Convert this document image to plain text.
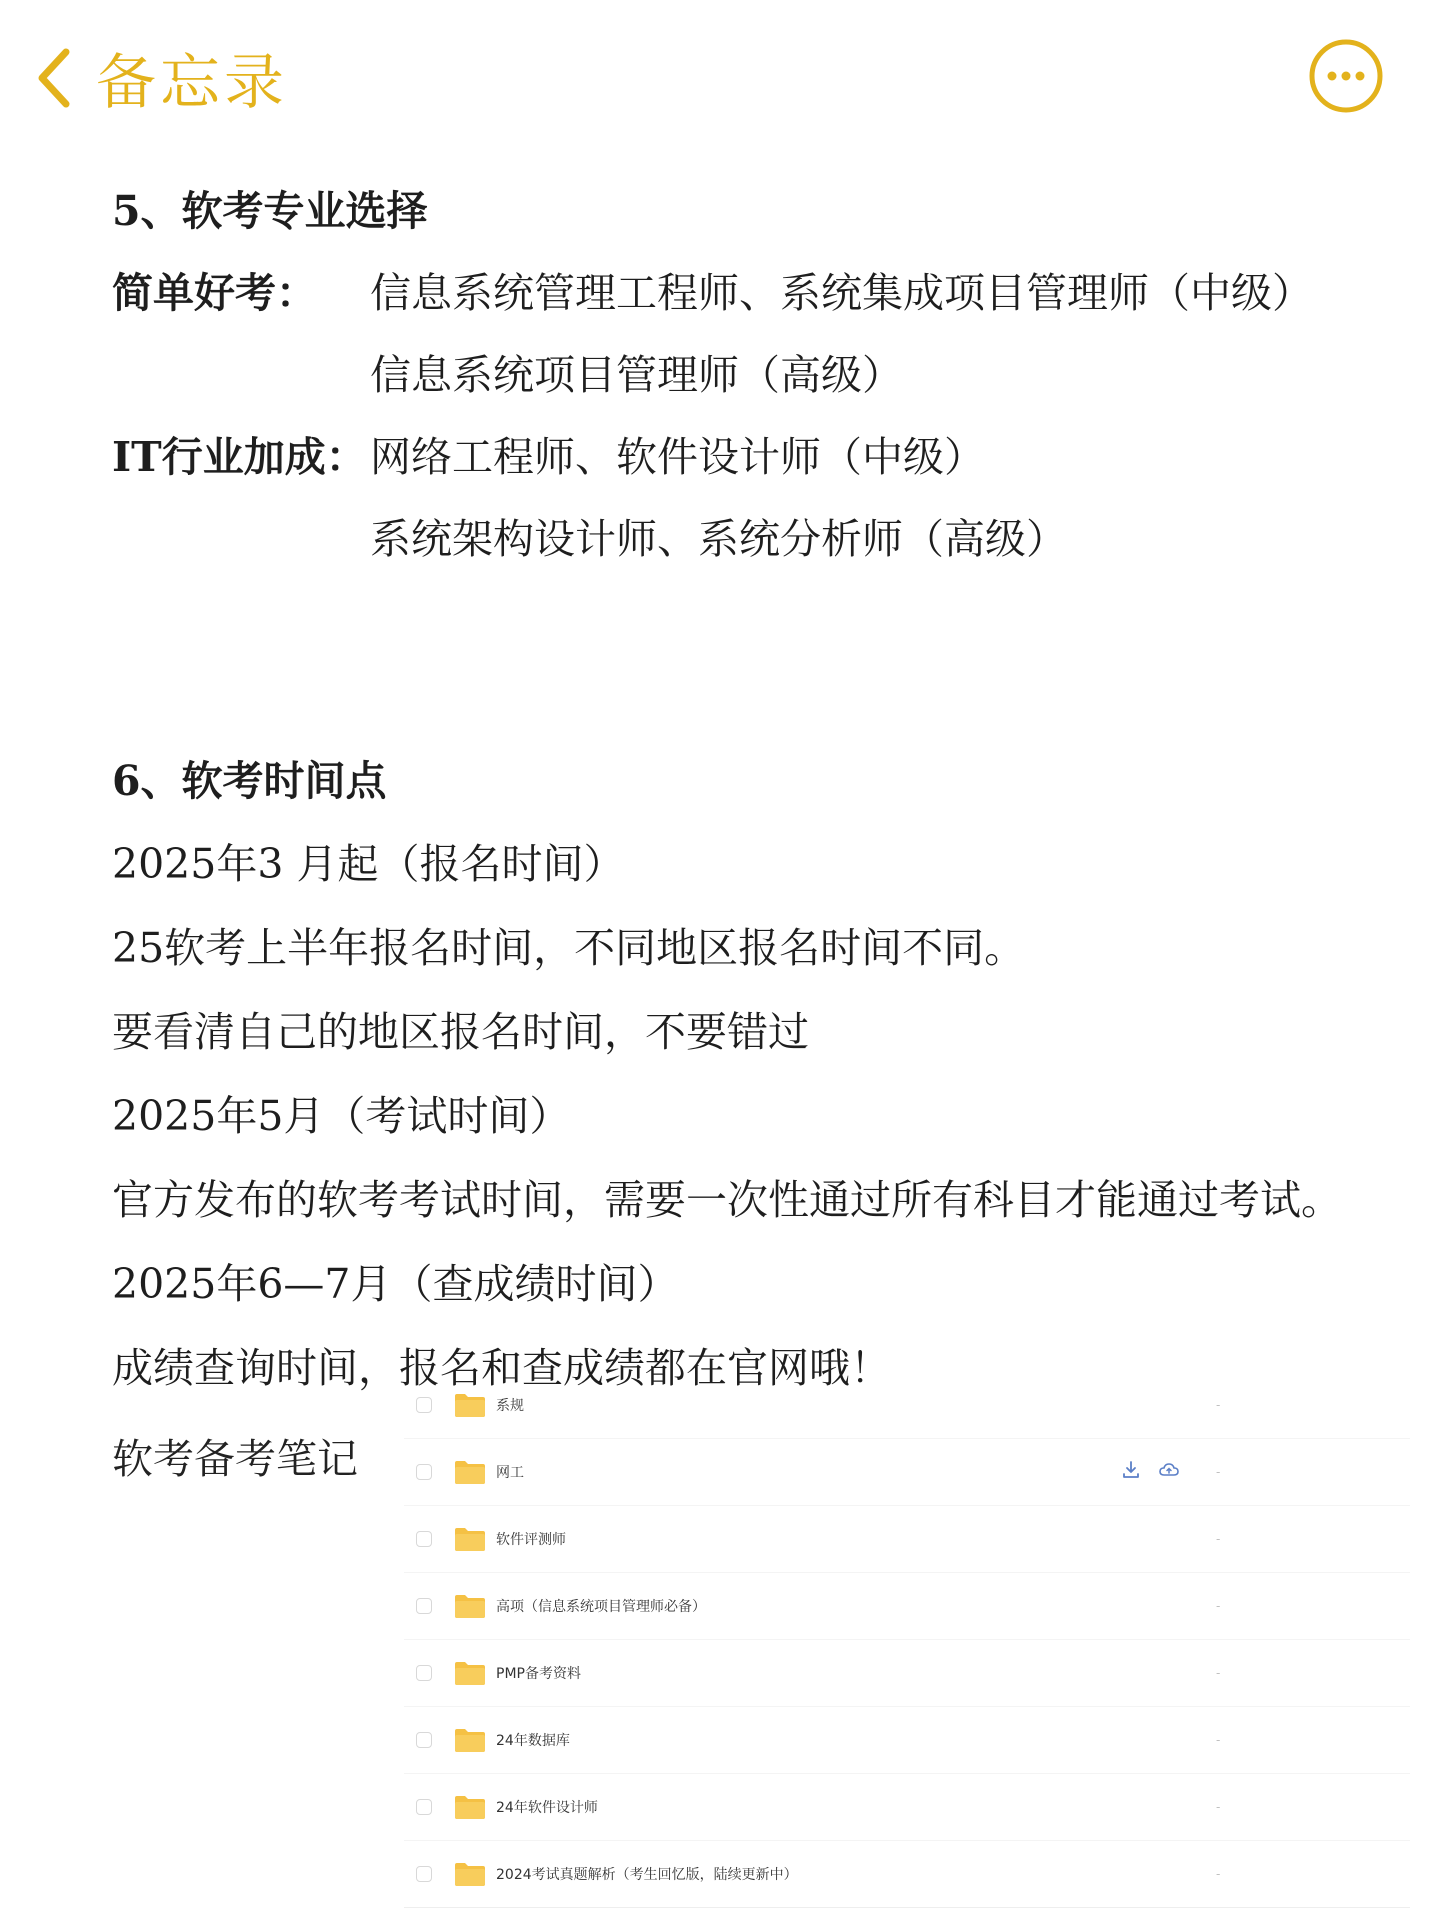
备忘录
5、软考专业选择
简单好考：	信息系统管理工程师、系统集成项目管理师（中级）
信息系统项目管理师（高级）
IT行业加成： 网络工程师、软件设计师（中级）
系统架构设计师、系统分析师（高级）
6、软考时间点
2025年3 月起（报名时间）
25软考上半年报名时间，不同地区报名时间不同。
要看清自己的地区报名时间，不要错过
2025年5月（考试时间）
官方发布的软考考试时间，需要一次性通过所有科目才能通过考试。
2025年6—7月（查成绩时间）
成绩查询时间，报名和查成绩都在官网哦！
软考备考笔记
系规	-
网工	-
软件评测师	-
高项（信息系统项目管理师必备）	-
PMP备考资料	-
24年数据库	-
24年软件设计师	-
2024考试真题解析（考生回忆版，陆续更新中）	-
